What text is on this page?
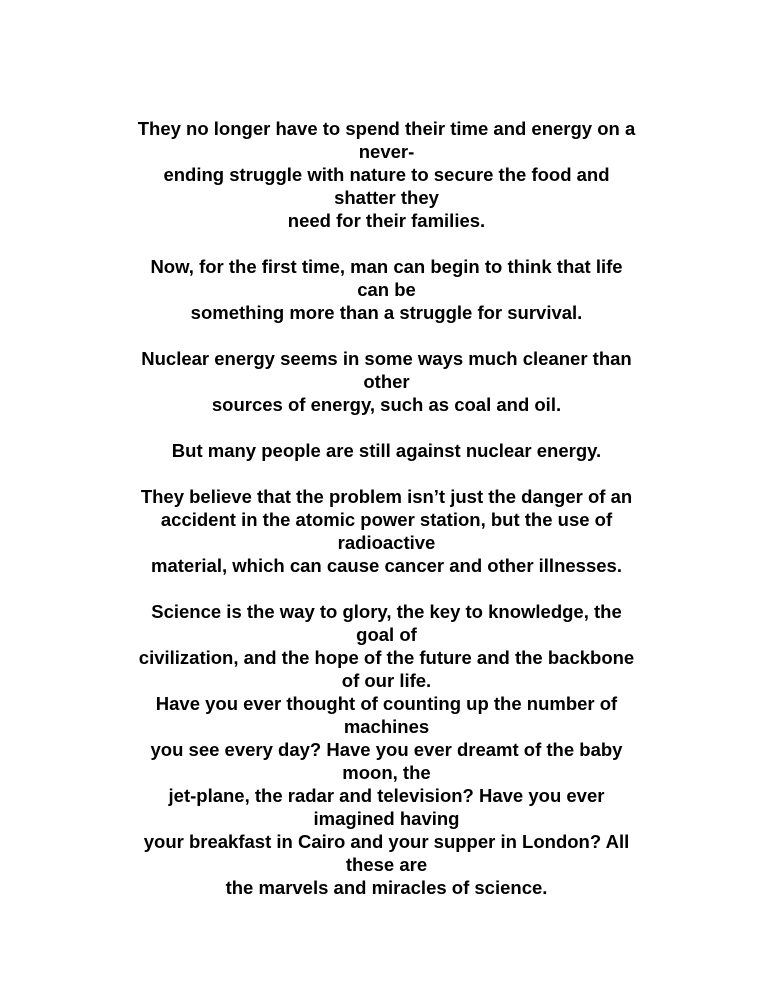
They no longer have to spend their time and energy on a
never-
ending struggle with nature to secure the food and
shatter they
need for their families.
Now, for the first time, man can begin to think that life
can be
something more than a struggle for survival.
Nuclear energy seems in some ways much cleaner than
other
sources of energy, such as coal and oil.
But many people are still against nuclear energy.
They believe that the problem isn’t just the danger of an
accident in the atomic power station, but the use of
radioactive
material, which can cause cancer and other illnesses.
Science is the way to glory, the key to knowledge, the
goal of
civilization, and the hope of the future and the backbone
of our life.
Have you ever thought of counting up the number of
machines
you see every day? Have you ever dreamt of the baby
moon, the
jet-plane, the radar and television? Have you ever
imagined having
your breakfast in Cairo and your supper in London? All
these are
the marvels and miracles of science.
